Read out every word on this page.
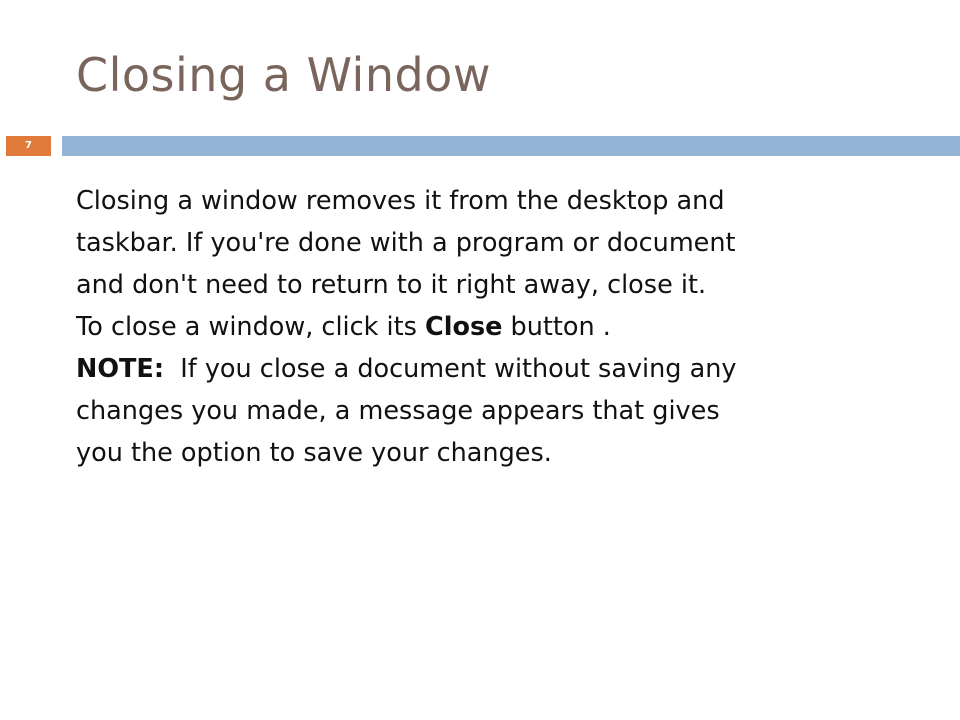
Closing a Window
7

Closing a window removes it from the desktop and
taskbar. If you're done with a program or document
and don't need to return to it right away, close it.

To close a window, click its Close button .

NOTE:  If you close a document without saving any
changes you made, a message appears that gives
you the option to save your changes.
